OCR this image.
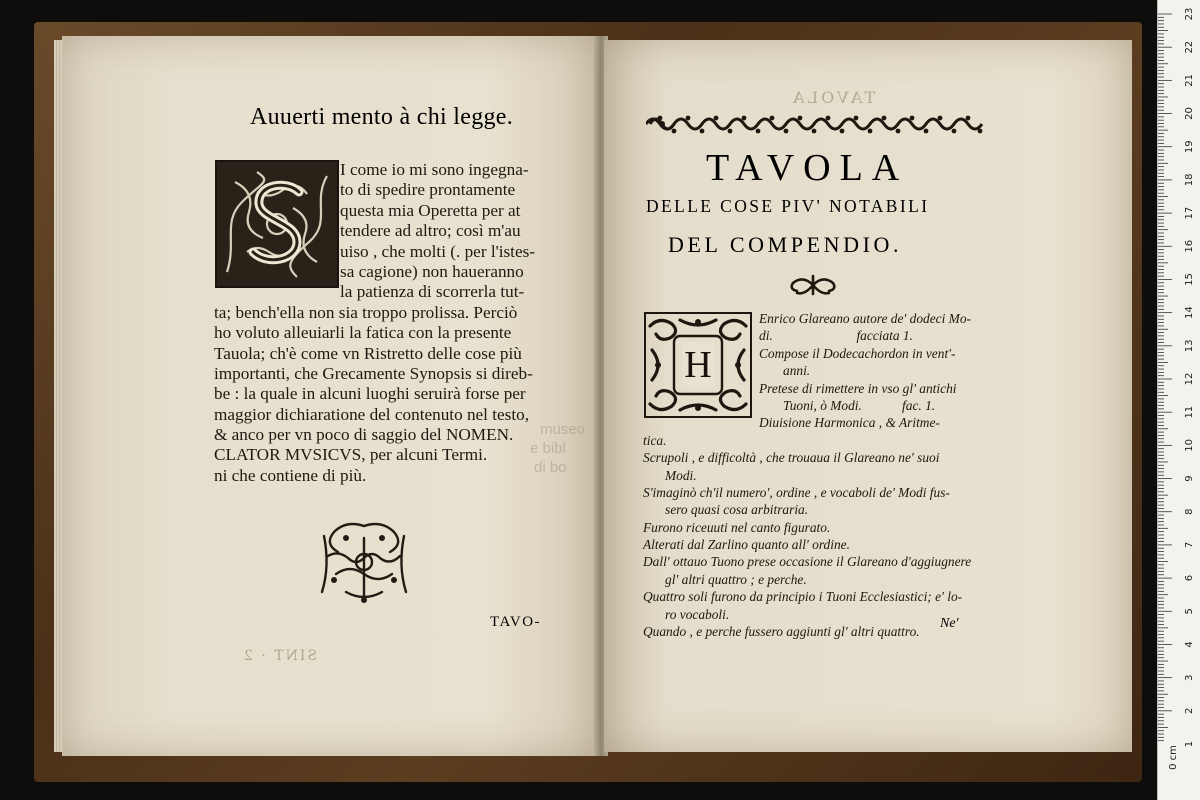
SINT · 2
TAVOLA
Auuerti mento à chi legge.
I come io mi sono ingegna-
to di spedire prontamente
questa mia Operetta per at
tendere ad altro; così m'au
uiso , che molti (. per l'istes-
sa cagione) non haueranno
la patienza di scorrerla tut-
ta; bench'ella non sia troppo prolissa. Perciò
ho voluto alleuiarli la fatica con la presente
Tauola; ch'è come vn Ristretto delle cose più
importanti, che Grecamente Synopsis si direb-
be : la quale in alcuni luoghi seruirà forse per
maggior dichiaratione del contenuto nel testo,
& anco per vn poco di saggio del NOMEN.
CLATOR MVSICVS, per alcuni Termi.
ni che contiene di più.
TAVO-
museo
e bibl
di bo
TAVOLA
DELLE COSE PIV' NOTABILI
DEL COMPENDIO.
H
Enrico Glareano autore de' dodeci Mo-
di.                         facciata 1.
Compose il Dodecachordon in vent'-
anni.
Pretese di rimettere in vso gl' antichi
Tuoni, ò Modi.            fac. 1.
Diuisione Harmonica , & Aritme-
tica.
Scrupoli , e difficoltà , che trouaua il Glareano ne' suoi
Modi.
S'imaginò ch'il numero', ordine , e vocaboli de' Modi fus-
sero quasi cosa arbitraria.
Furono riceuuti nel canto figurato.
Alterati dal Zarlino quanto all' ordine.
Dall' ottauo Tuono prese occasione il Glareano d'aggiugnere
gl' altri quattro ; e perche.
Quattro soli furono da principio i Tuoni Ecclesiastici; e' lo-
ro vocaboli.
Quando , e perche fussero aggiunti gl' altri quattro.
Ne'
23
22
21
20
19
18
17
16
15
14
13
12
11
10
9
8
7
6
5
4
3
2
1
0 cm
